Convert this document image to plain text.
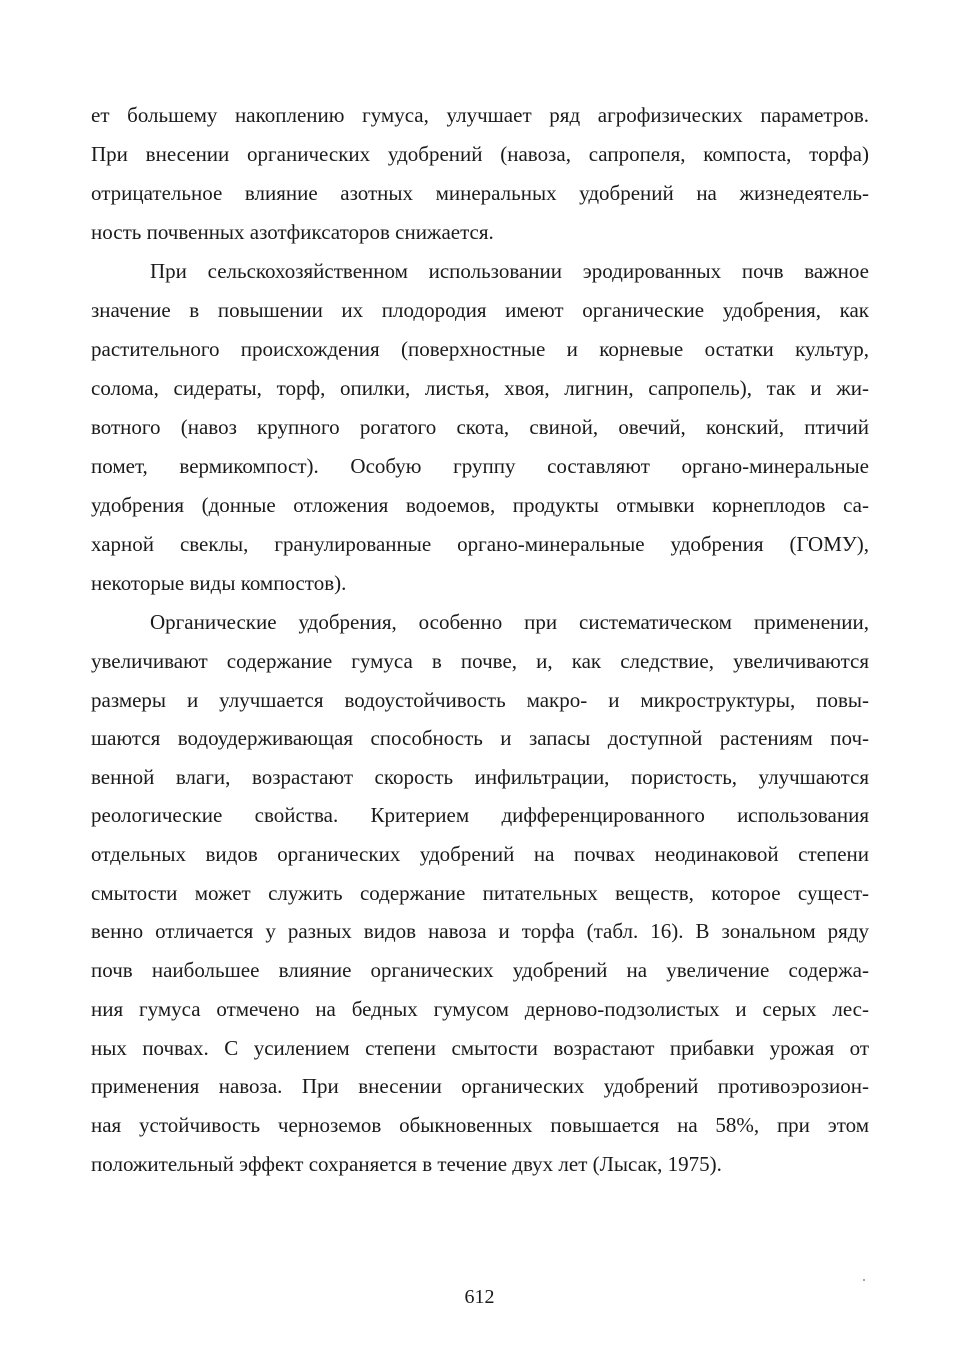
ет большему накоплению гумуса, улучшает ряд агрофизических параметров.
При внесении органических удобрений (навоза, сапропеля, компоста, торфа)
отрицательное влияние азотных минеральных удобрений на жизнедеятель-
ность почвенных азотфиксаторов снижается.
При сельскохозяйственном использовании эродированных почв важное
значение в повышении их плодородия имеют органические удобрения, как
растительного происхождения (поверхностные и корневые остатки культур,
солома, сидераты, торф, опилки, листья, хвоя, лигнин, сапропель), так и жи-
вотного (навоз крупного рогатого скота, свиной, овечий, конский, птичий
помет, вермикомпост). Особую группу составляют органо-минеральные
удобрения (донные отложения водоемов, продукты отмывки корнеплодов са-
харной свеклы, гранулированные органо-минеральные удобрения (ГОМУ),
некоторые виды компостов).
Органические удобрения, особенно при систематическом применении,
увеличивают содержание гумуса в почве, и, как следствие, увеличиваются
размеры и улучшается водоустойчивость макро- и микроструктуры, повы-
шаются водоудерживающая способность и запасы доступной растениям поч-
венной влаги, возрастают скорость инфильтрации, пористость, улучшаются
реологические свойства. Критерием дифференцированного использования
отдельных видов органических удобрений на почвах неодинаковой степени
смытости может служить содержание питательных веществ, которое сущест-
венно отличается у разных видов навоза и торфа (табл. 16). В зональном ряду
почв наибольшее влияние органических удобрений на увеличение содержа-
ния гумуса отмечено на бедных гумусом дерново-подзолистых и серых лес-
ных почвах. С усилением степени смытости возрастают прибавки урожая от
применения навоза. При внесении органических удобрений противоэрозион-
ная устойчивость черноземов обыкновенных повышается на 58%, при этом
положительный эффект сохраняется в течение двух лет (Лысак, 1975).
612
